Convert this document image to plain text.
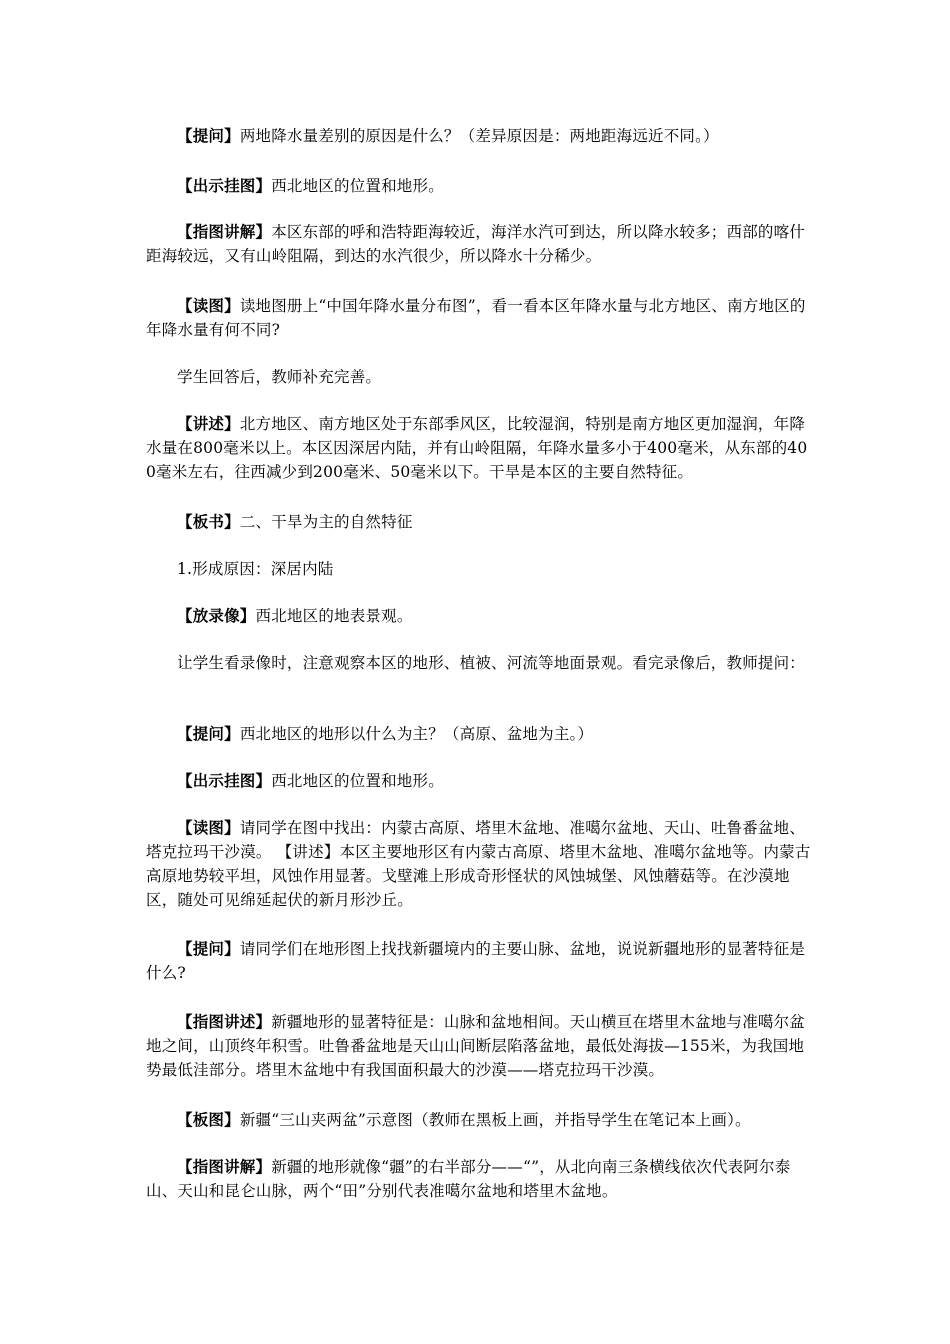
【提问】两地降水量差别的原因是什么？（差异原因是：两地距海远近不同。）

【出示挂图】西北地区的位置和地形。

【指图讲解】本区东部的呼和浩特距海较近，海洋水汽可到达，所以降水较多；西部的喀什距海较远，又有山岭阻隔，到达的水汽很少，所以降水十分稀少。

【读图】读地图册上“中国年降水量分布图”，看一看本区年降水量与北方地区、南方地区的年降水量有何不同?

学生回答后，教师补充完善。

【讲述】北方地区、南方地区处于东部季风区，比较湿润，特别是南方地区更加湿润，年降水量在800毫米以上。本区因深居内陆，并有山岭阻隔，年降水量多小于400毫米，从东部的400毫米左右，往西减少到200毫米、50毫米以下。干旱是本区的主要自然特征。

【板书】二、干旱为主的自然特征

1.形成原因：深居内陆

【放录像】西北地区的地表景观。

让学生看录像时，注意观察本区的地形、植被、河流等地面景观。看完录像后，教师提问：

【提问】西北地区的地形以什么为主？（高原、盆地为主。）

【出示挂图】西北地区的位置和地形。

【读图】请同学在图中找出：内蒙古高原、塔里木盆地、准噶尔盆地、天山、吐鲁番盆地、塔克拉玛干沙漠。 【讲述】本区主要地形区有内蒙古高原、塔里木盆地、准噶尔盆地等。内蒙古高原地势较平坦，风蚀作用显著。戈壁滩上形成奇形怪状的风蚀城堡、风蚀蘑菇等。在沙漠地区，随处可见绵延起伏的新月形沙丘。

【提问】请同学们在地形图上找找新疆境内的主要山脉、盆地，说说新疆地形的显著特征是什么?

【指图讲述】新疆地形的显著特征是：山脉和盆地相间。天山横亘在塔里木盆地与准噶尔盆地之间，山顶终年积雪。吐鲁番盆地是天山山间断层陷落盆地，最低处海拔—155米，为我国地势最低洼部分。塔里木盆地中有我国面积最大的沙漠——塔克拉玛干沙漠。

【板图】新疆“三山夹两盆”示意图（教师在黑板上画，并指导学生在笔记本上画）。

【指图讲解】新疆的地形就像“疆”的右半部分——“”，从北向南三条横线依次代表阿尔泰山、天山和昆仑山脉，两个“田”分别代表准噶尔盆地和塔里木盆地。
